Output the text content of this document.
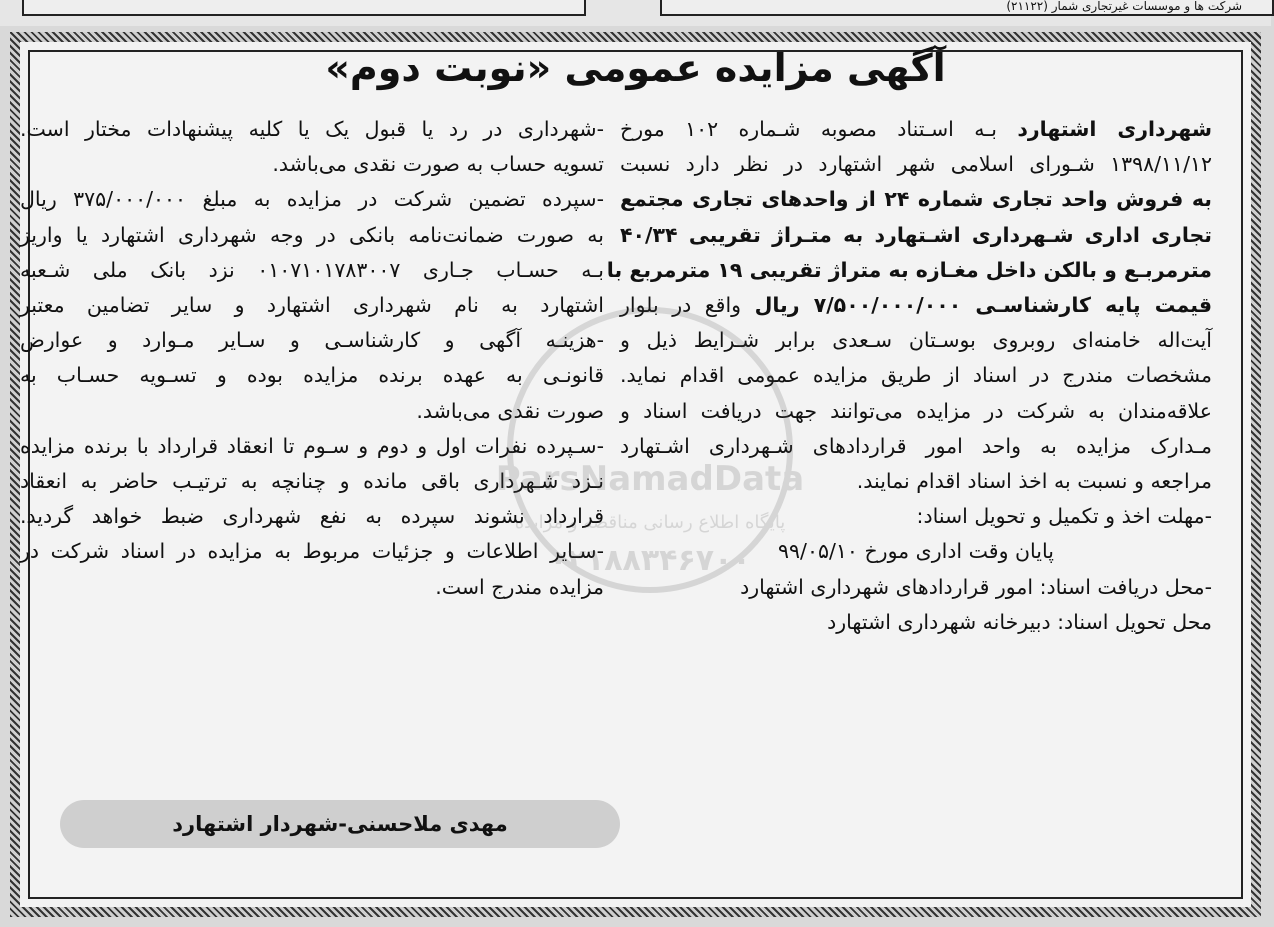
شرکت ها و موسسات غیرتجاری شمار (۲۱۱۲۲)
آگهی مزایده عمومی «نوبت دوم»
شهرداری اشتهارد بـه اسـتناد مصوبه شـماره ۱۰۲ مورخ
۱۳۹۸/۱۱/۱۲ شـورای اسلامی شهر اشتهارد در نظر دارد نسبت
به فروش واحد تجاری شماره ۲۴ از واحدهای تجاری مجتمع
تجاری اداری شـهرداری اشـتهارد به متـراژ تقریبی ۴۰/۳۴
مترمربـع و بالکن داخل مغـازه به متراژ تقریبی ۱۹ مترمربع با
قیمت پایه کارشناسـی ۷/۵۰۰/۰۰۰/۰۰۰ ریال واقع در بلوار
آیت‌اله خامنه‌ای روبروی بوسـتان سـعدی برابر شـرایط ذیل و
مشخصات مندرج در اسناد از طریق مزایده عمومی اقدام نماید.
علاقه‌مندان به شرکت در مزایده می‌توانند جهت دریافت اسناد و
مـدارک مزایده به واحد امور قراردادهای شـهرداری اشـتهارد
مراجعه و نسبت به اخذ اسناد اقدام نمایند.
-مهلت اخذ و تکمیل و تحویل اسناد:
پایان وقت اداری مورخ ۹۹/۰۵/۱۰
-محل دریافت اسناد: امور قراردادهای شهرداری اشتهارد
محل تحویل اسناد: دبیرخانه شهرداری اشتهارد
-شهرداری در رد یا قبول یک یا کلیه پیشنهادات مختار است.
تسویه حساب به صورت نقدی می‌باشد.
-سپرده تضمین شرکت در مزایده به مبلغ ۳۷۵/۰۰۰/۰۰۰ ریال
به صورت ضمانت‌نامه بانکی در وجه شهرداری اشتهارد یا واریز
بـه حسـاب جـاری ۰۱۰۷۱۰۱۷۸۳۰۰۷ نزد بانک ملی شـعبه
اشتهارد به نام شهرداری اشتهارد و سایر تضامین معتبر
-هزینـه آگهی و کارشناسـی و سـایر مـوارد و عوارض
قانونـی به عهده برنده مزایده بوده و تسـویه حسـاب به
صورت نقدی می‌باشد.
-سـپرده نفرات اول و دوم و سـوم تا انعقاد قرارداد با برنده مزایده
نـزد شـهرداری باقی مانده و چنانچه به ترتیـب حاضر به انعقاد
قرارداد نشوند سپرده به نفع شهرداری ضبط خواهد گردید.
-سـایر اطلاعات و جزئیات مربوط به مزایده در اسناد شرکت در
مزایده مندرج است.
مهدی ملاحسنی-شهردار اشتهارد
